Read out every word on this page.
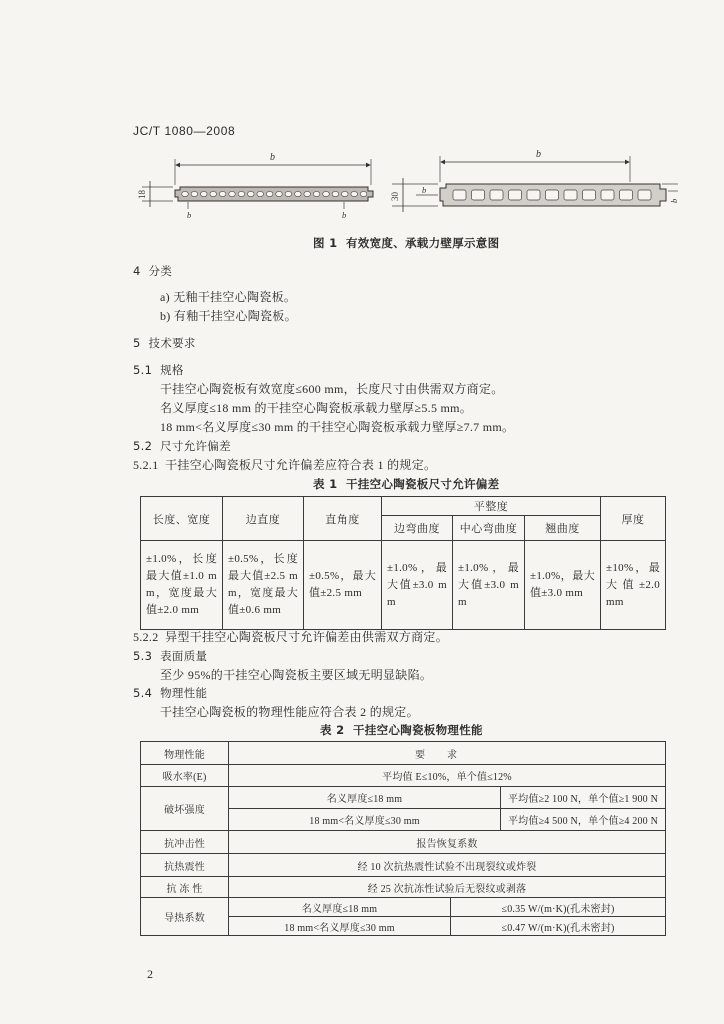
JC/T 1080—2008
b
18
b	b
b
30
b
b
图 1  有效宽度、承载力壁厚示意图
4  分类
a) 无釉干挂空心陶瓷板。
b) 有釉干挂空心陶瓷板。
5  技术要求
5.1  规格
干挂空心陶瓷板有效宽度≤600 mm，长度尺寸由供需双方商定。
名义厚度≤18 mm 的干挂空心陶瓷板承载力壁厚≥5.5 mm。
18 mm<名义厚度≤30 mm 的干挂空心陶瓷板承载力壁厚≥7.7 mm。
5.2  尺寸允许偏差
5.2.1  干挂空心陶瓷板尺寸允许偏差应符合表 1 的规定。
表 1  干挂空心陶瓷板尺寸允许偏差
长度、宽度	边直度	直角度	平整度			厚度
			边弯曲度	中心弯曲度	翘曲度	
±1.0%，长度最大值±1.0 mm，宽度最大值±2.0 mm	±0.5%，长度最大值±2.5 mm，宽度最大值±0.6 mm	±0.5%，最大值±2.5 mm	±1.0%，最大值±3.0 mm	±1.0%，最大值±3.0 mm	±1.0%，最大值±3.0 mm	±10%，最大值±2.0 mm
5.2.2  异型干挂空心陶瓷板尺寸允许偏差由供需双方商定。
5.3  表面质量
至少 95%的干挂空心陶瓷板主要区域无明显缺陷。
5.4  物理性能
干挂空心陶瓷板的物理性能应符合表 2 的规定。
表 2  干挂空心陶瓷板物理性能
物理性能	要求		
吸水率(E)	平均值 E≤10%，单个值≤12%		
破坏强度	名义厚度≤18 mm		平均值≥2 100 N，单个值≥1 900 N
	18 mm<名义厚度≤30 mm		平均值≥4 500 N，单个值≥4 200 N
抗冲击性	报告恢复系数		
抗热震性	经 10 次抗热震性试验不出现裂纹或炸裂		
抗 冻 性	经 25 次抗冻性试验后无裂纹或剥落		
导热系数	名义厚度≤18 mm	≤0.35 W/(m·K)(孔未密封)	
	18 mm<名义厚度≤30 mm	≤0.47 W/(m·K)(孔未密封)	
2
